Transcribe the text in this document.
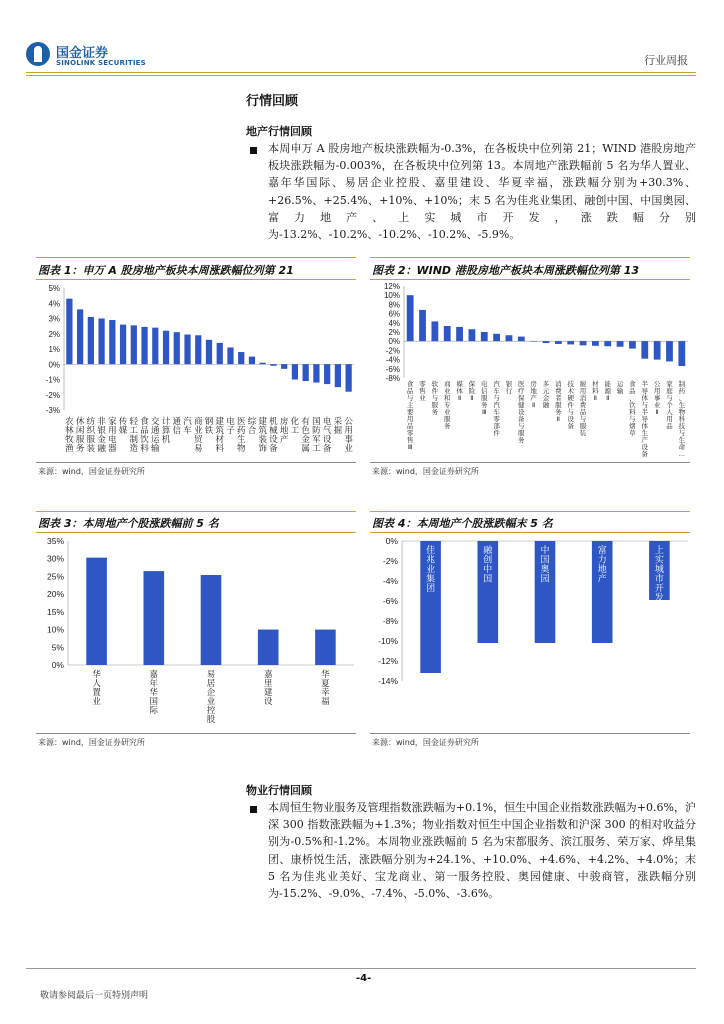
国金证券
SINOLINK SECURITIES	行业周报
行情回顾
地产行情回顾
本周申万 A 股房地产板块涨跌幅为-0.3%，在各板块中位列第 21；WIND 港股房地产板块涨跌幅为-0.003%，在各板块中位列第 13。本周地产涨跌幅前 5 名为华人置业、嘉年华国际、易居企业控股、嘉里建设、华夏幸福，涨跌幅分别为+30.3%、+26.5%、+25.4%、+10%、+10%；末 5 名为佳兆业集团、融创中国、中国奥园、富力地产、上实城市开发，涨跌幅分别为-13.2%、-10.2%、-10.2%、-10.2%、-5.9%。
图表 1：申万 A 股房地产板块本周涨跌幅位列第 21
5%
4%
3%
2%
1%
0%
-1%
-2%
-3%
农林牧渔
休闲服务
纺织服装
非银金融
家用电器
传媒
轻工制造
食品饮料
交通运输
计算机
通信
汽车
商业贸易
钢铁
建筑材料
电子
医药生物
综合
建筑装饰
机械设备
房地产
化工
有色金属
国防军工
电气设备
采掘
公用事业
来源：wind，国金证券研究所
图表 2：WIND 港股房地产板块本周涨跌幅位列第 13
12%
10%
8%
6%
4%
2%
0%
-2%
-4%
-6%
-8%
食品与主要用品零售 Ⅲ
零售业
软件与服务
商业和专业服务
媒体 Ⅱ
保险 Ⅱ
电信服务 Ⅲ
汽车与汽车零部件
银行
医疗保健设备与服务
房地产 Ⅱ
多元金融
消费者服务 Ⅱ
技术硬件与设备
耐用消费品与服装
材料 Ⅱ
能源 Ⅱ
运输
食品、饮料与烟草
半导体与半导体生产设备
公用事业 Ⅱ
家庭与个人用品
制药、生物科技与生命…
来源：wind，国金证券研究所
图表 3：本周地产个股涨跌幅前 5 名
35%
30%
25%
20%
15%
10%
5%
0%
华人置业
嘉年华国际
易居企业控股
嘉里建设
华夏幸福
来源：wind，国金证券研究所
图表 4：本周地产个股涨跌幅末 5 名
0%
-2%
-4%
-6%
-8%
-10%
-12%
-14%
佳兆业集团
融创中国
中国奥园
富力地产
上实城市开发
来源：wind，国金证券研究所
物业行情回顾
本周恒生物业服务及管理指数涨跌幅为+0.1%，恒生中国企业指数涨跌幅为+0.6%，沪深 300 指数涨跌幅为+1.3%；物业指数对恒生中国企业指数和沪深 300 的相对收益分别为-0.5%和-1.2%。本周物业涨跌幅前 5 名为宋都服务、滨江服务、荣万家、烨星集团、康桥悦生活，涨跌幅分别为+24.1%、+10.0%、+4.6%、+4.2%、+4.0%；末 5 名为佳兆业美好、宝龙商业、第一服务控股、奥园健康、中骏商管，涨跌幅分别为-15.2%、-9.0%、-7.4%、-5.0%、-3.6%。
-4-
敬请参阅最后一页特别声明
